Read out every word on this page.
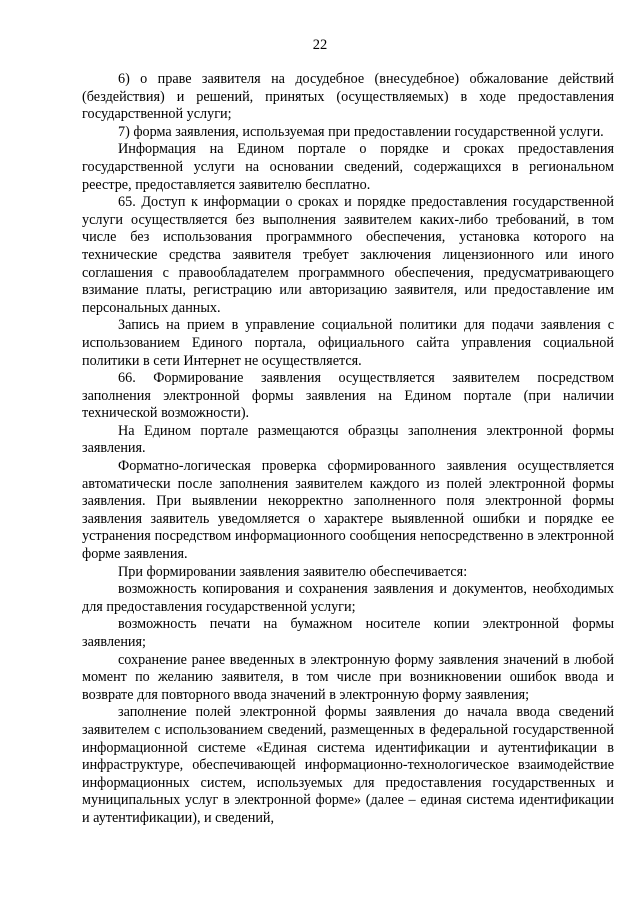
22

6) о праве заявителя на досудебное (внесудебное) обжалование действий (бездействия) и решений, принятых (осуществляемых) в ходе предоставления государственной услуги;

7) форма заявления, используемая при предоставлении государственной услуги.

Информация на Едином портале о порядке и сроках предоставления государственной услуги на основании сведений, содержащихся в региональном реестре, предоставляется заявителю бесплатно.

65. Доступ к информации о сроках и порядке предоставления государственной услуги осуществляется без выполнения заявителем каких-либо требований, в том числе без использования программного обеспечения, установка которого на технические средства заявителя требует заключения лицензионного или иного соглашения с правообладателем программного обеспечения, предусматривающего взимание платы, регистрацию или авторизацию заявителя, или предоставление им персональных данных.

Запись на прием в управление социальной политики для подачи заявления с использованием Единого портала, официального сайта управления социальной политики в сети Интернет не осуществляется.

66. Формирование заявления осуществляется заявителем посредством заполнения электронной формы заявления на Едином портале (при наличии технической возможности).

На Едином портале размещаются образцы заполнения электронной формы заявления.

Форматно-логическая проверка сформированного заявления осуществляется автоматически после заполнения заявителем каждого из полей электронной формы заявления. При выявлении некорректно заполненного поля электронной формы заявления заявитель уведомляется о характере выявленной ошибки и порядке ее устранения посредством информационного сообщения непосредственно в электронной форме заявления.

При формировании заявления заявителю обеспечивается:

возможность копирования и сохранения заявления и документов, необходимых для предоставления государственной услуги;

возможность печати на бумажном носителе копии электронной формы заявления;

сохранение ранее введенных в электронную форму заявления значений в любой момент по желанию заявителя, в том числе при возникновении ошибок ввода и возврате для повторного ввода значений в электронную форму заявления;

заполнение полей электронной формы заявления до начала ввода сведений заявителем с использованием сведений, размещенных в федеральной государственной информационной системе «Единая система идентификации и аутентификации в инфраструктуре, обеспечивающей информационно-технологическое взаимодействие информационных систем, используемых для предоставления государственных и муниципальных услуг в электронной форме» (далее – единая система идентификации и аутентификации), и сведений,
